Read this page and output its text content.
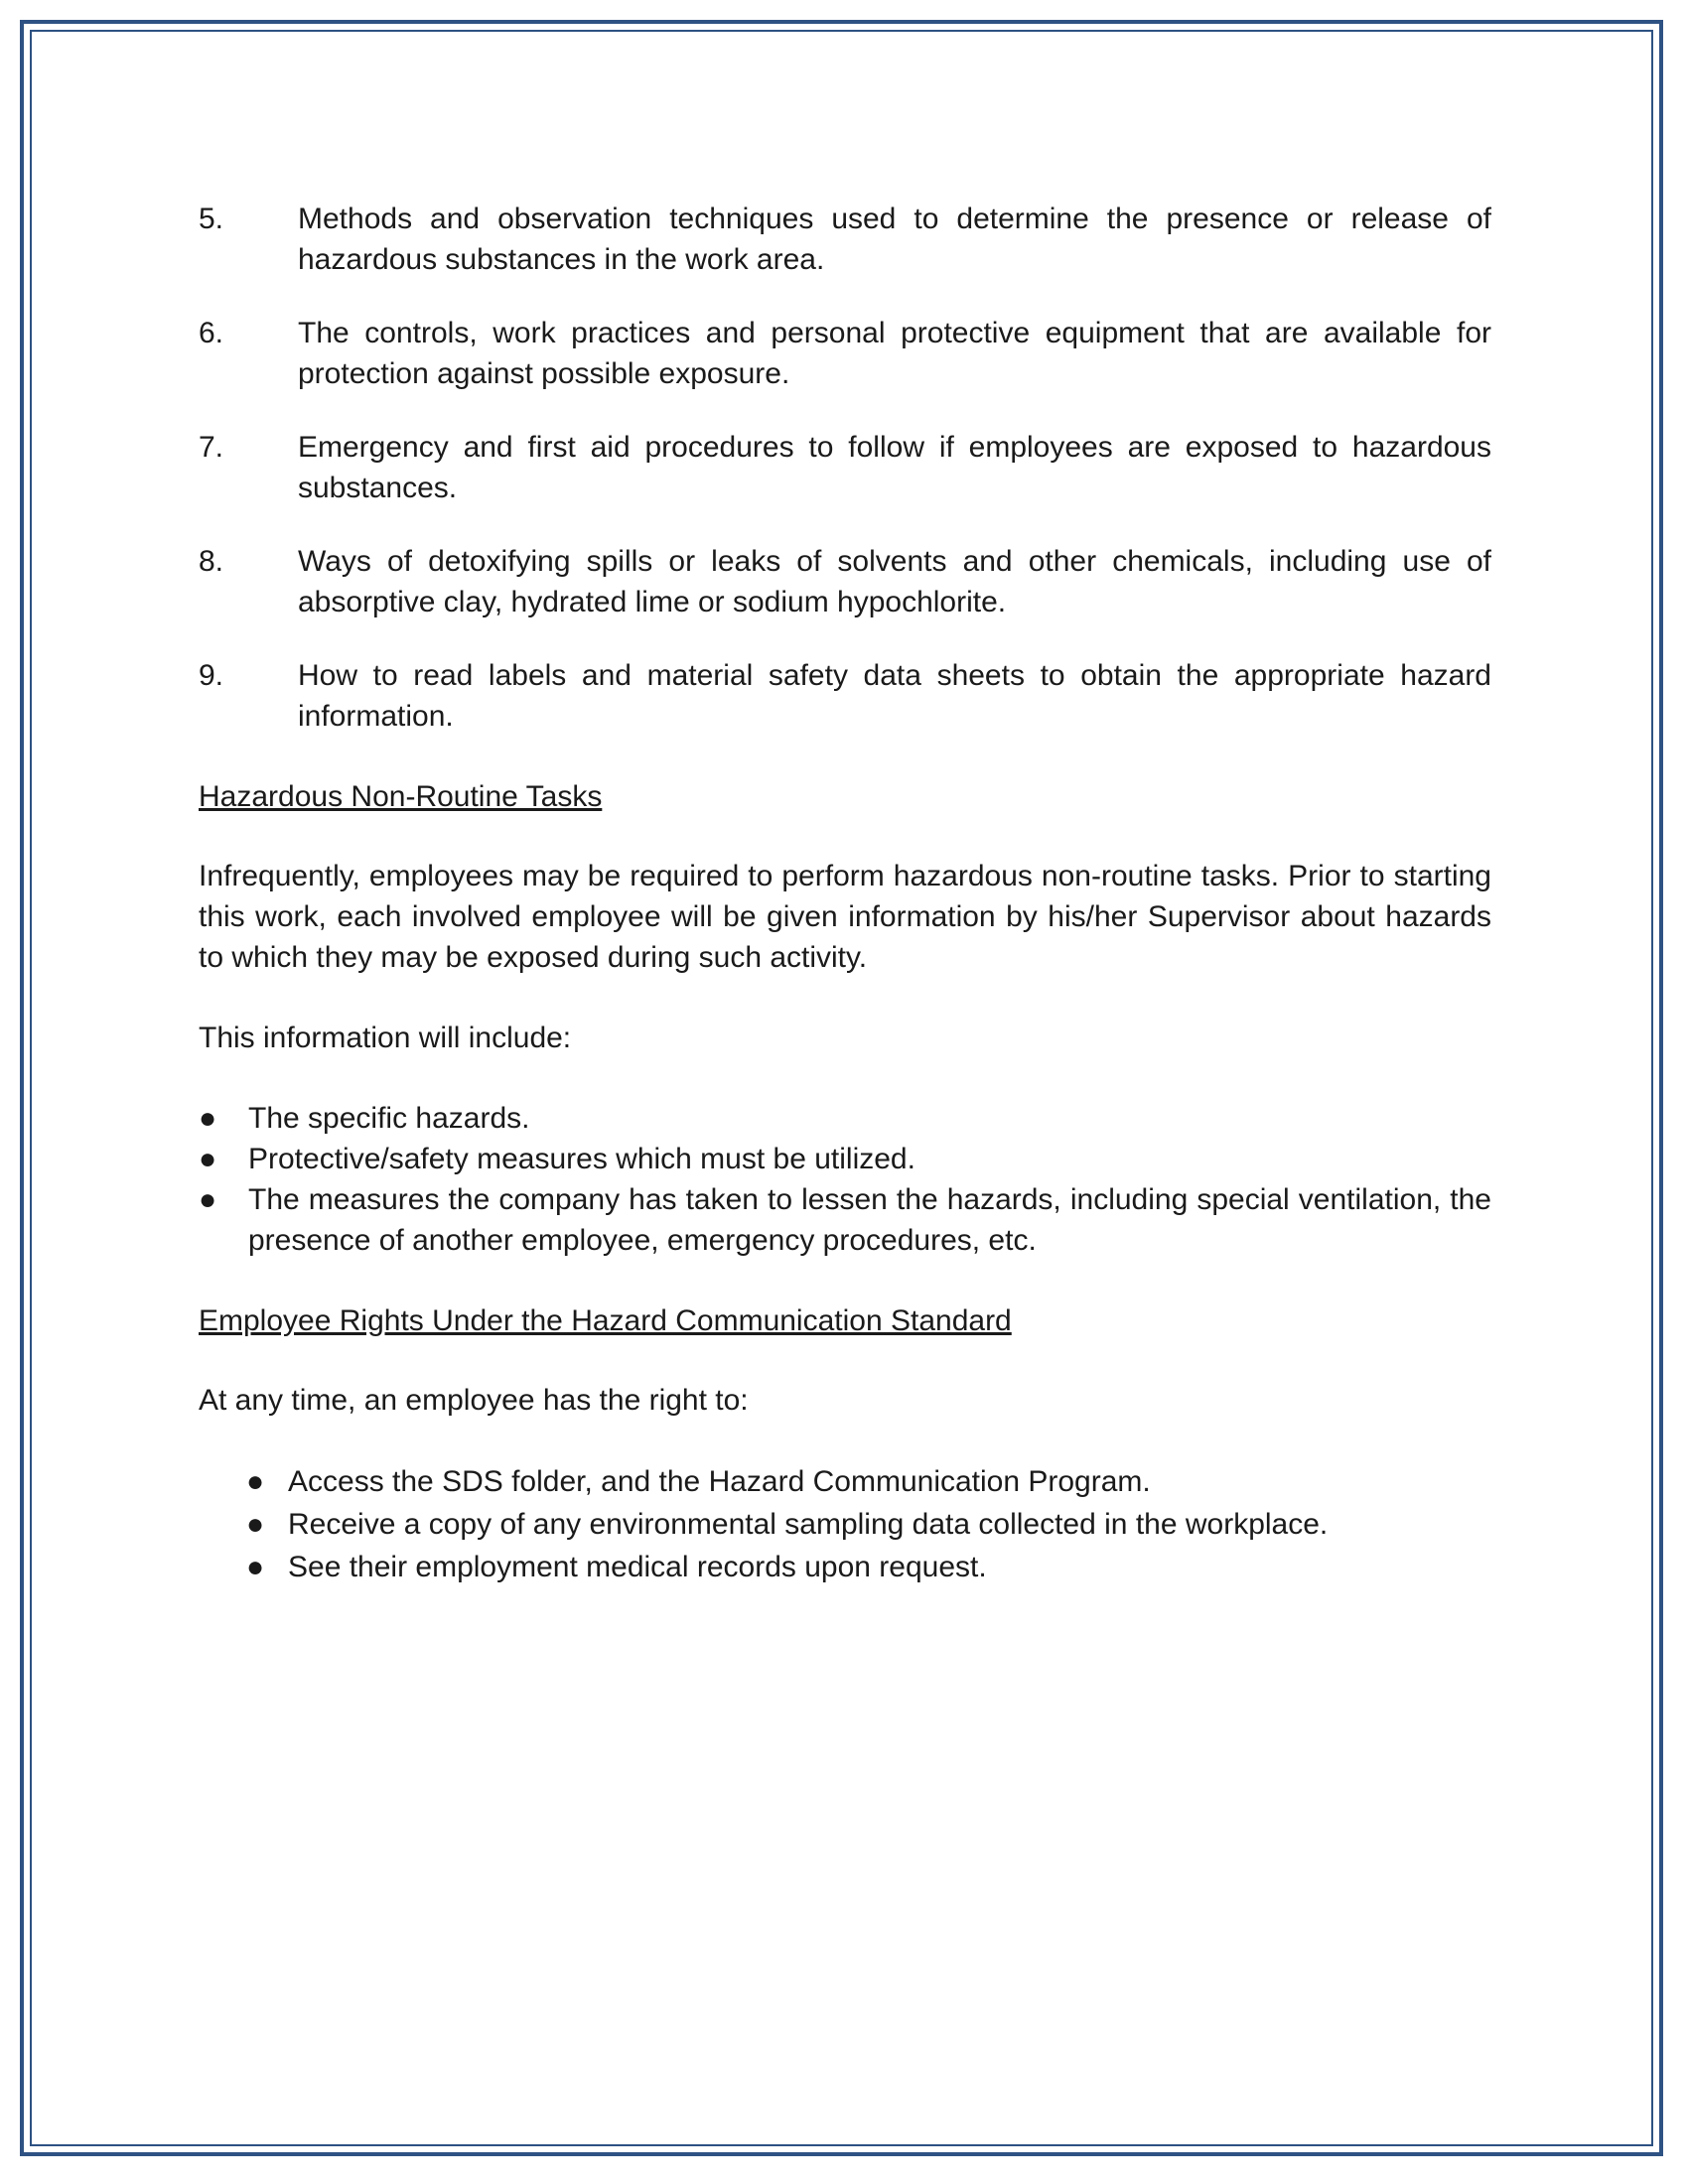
5. Methods and observation techniques used to determine the presence or release of hazardous substances in the work area.
6. The controls, work practices and personal protective equipment that are available for protection against possible exposure.
7. Emergency and first aid procedures to follow if employees are exposed to hazardous substances.
8. Ways of detoxifying spills or leaks of solvents and other chemicals, including use of absorptive clay, hydrated lime or sodium hypochlorite.
9. How to read labels and material safety data sheets to obtain the appropriate hazard information.
Hazardous Non-Routine Tasks
Infrequently, employees may be required to perform hazardous non-routine tasks. Prior to starting this work, each involved employee will be given information by his/her Supervisor about hazards to which they may be exposed during such activity.
This information will include:
● The specific hazards.
● Protective/safety measures which must be utilized.
● The measures the company has taken to lessen the hazards, including special ventilation, the presence of another employee, emergency procedures, etc.
Employee Rights Under the Hazard Communication Standard
At any time, an employee has the right to:
● Access the SDS folder, and the Hazard Communication Program.
● Receive a copy of any environmental sampling data collected in the workplace.
● See their employment medical records upon request.
